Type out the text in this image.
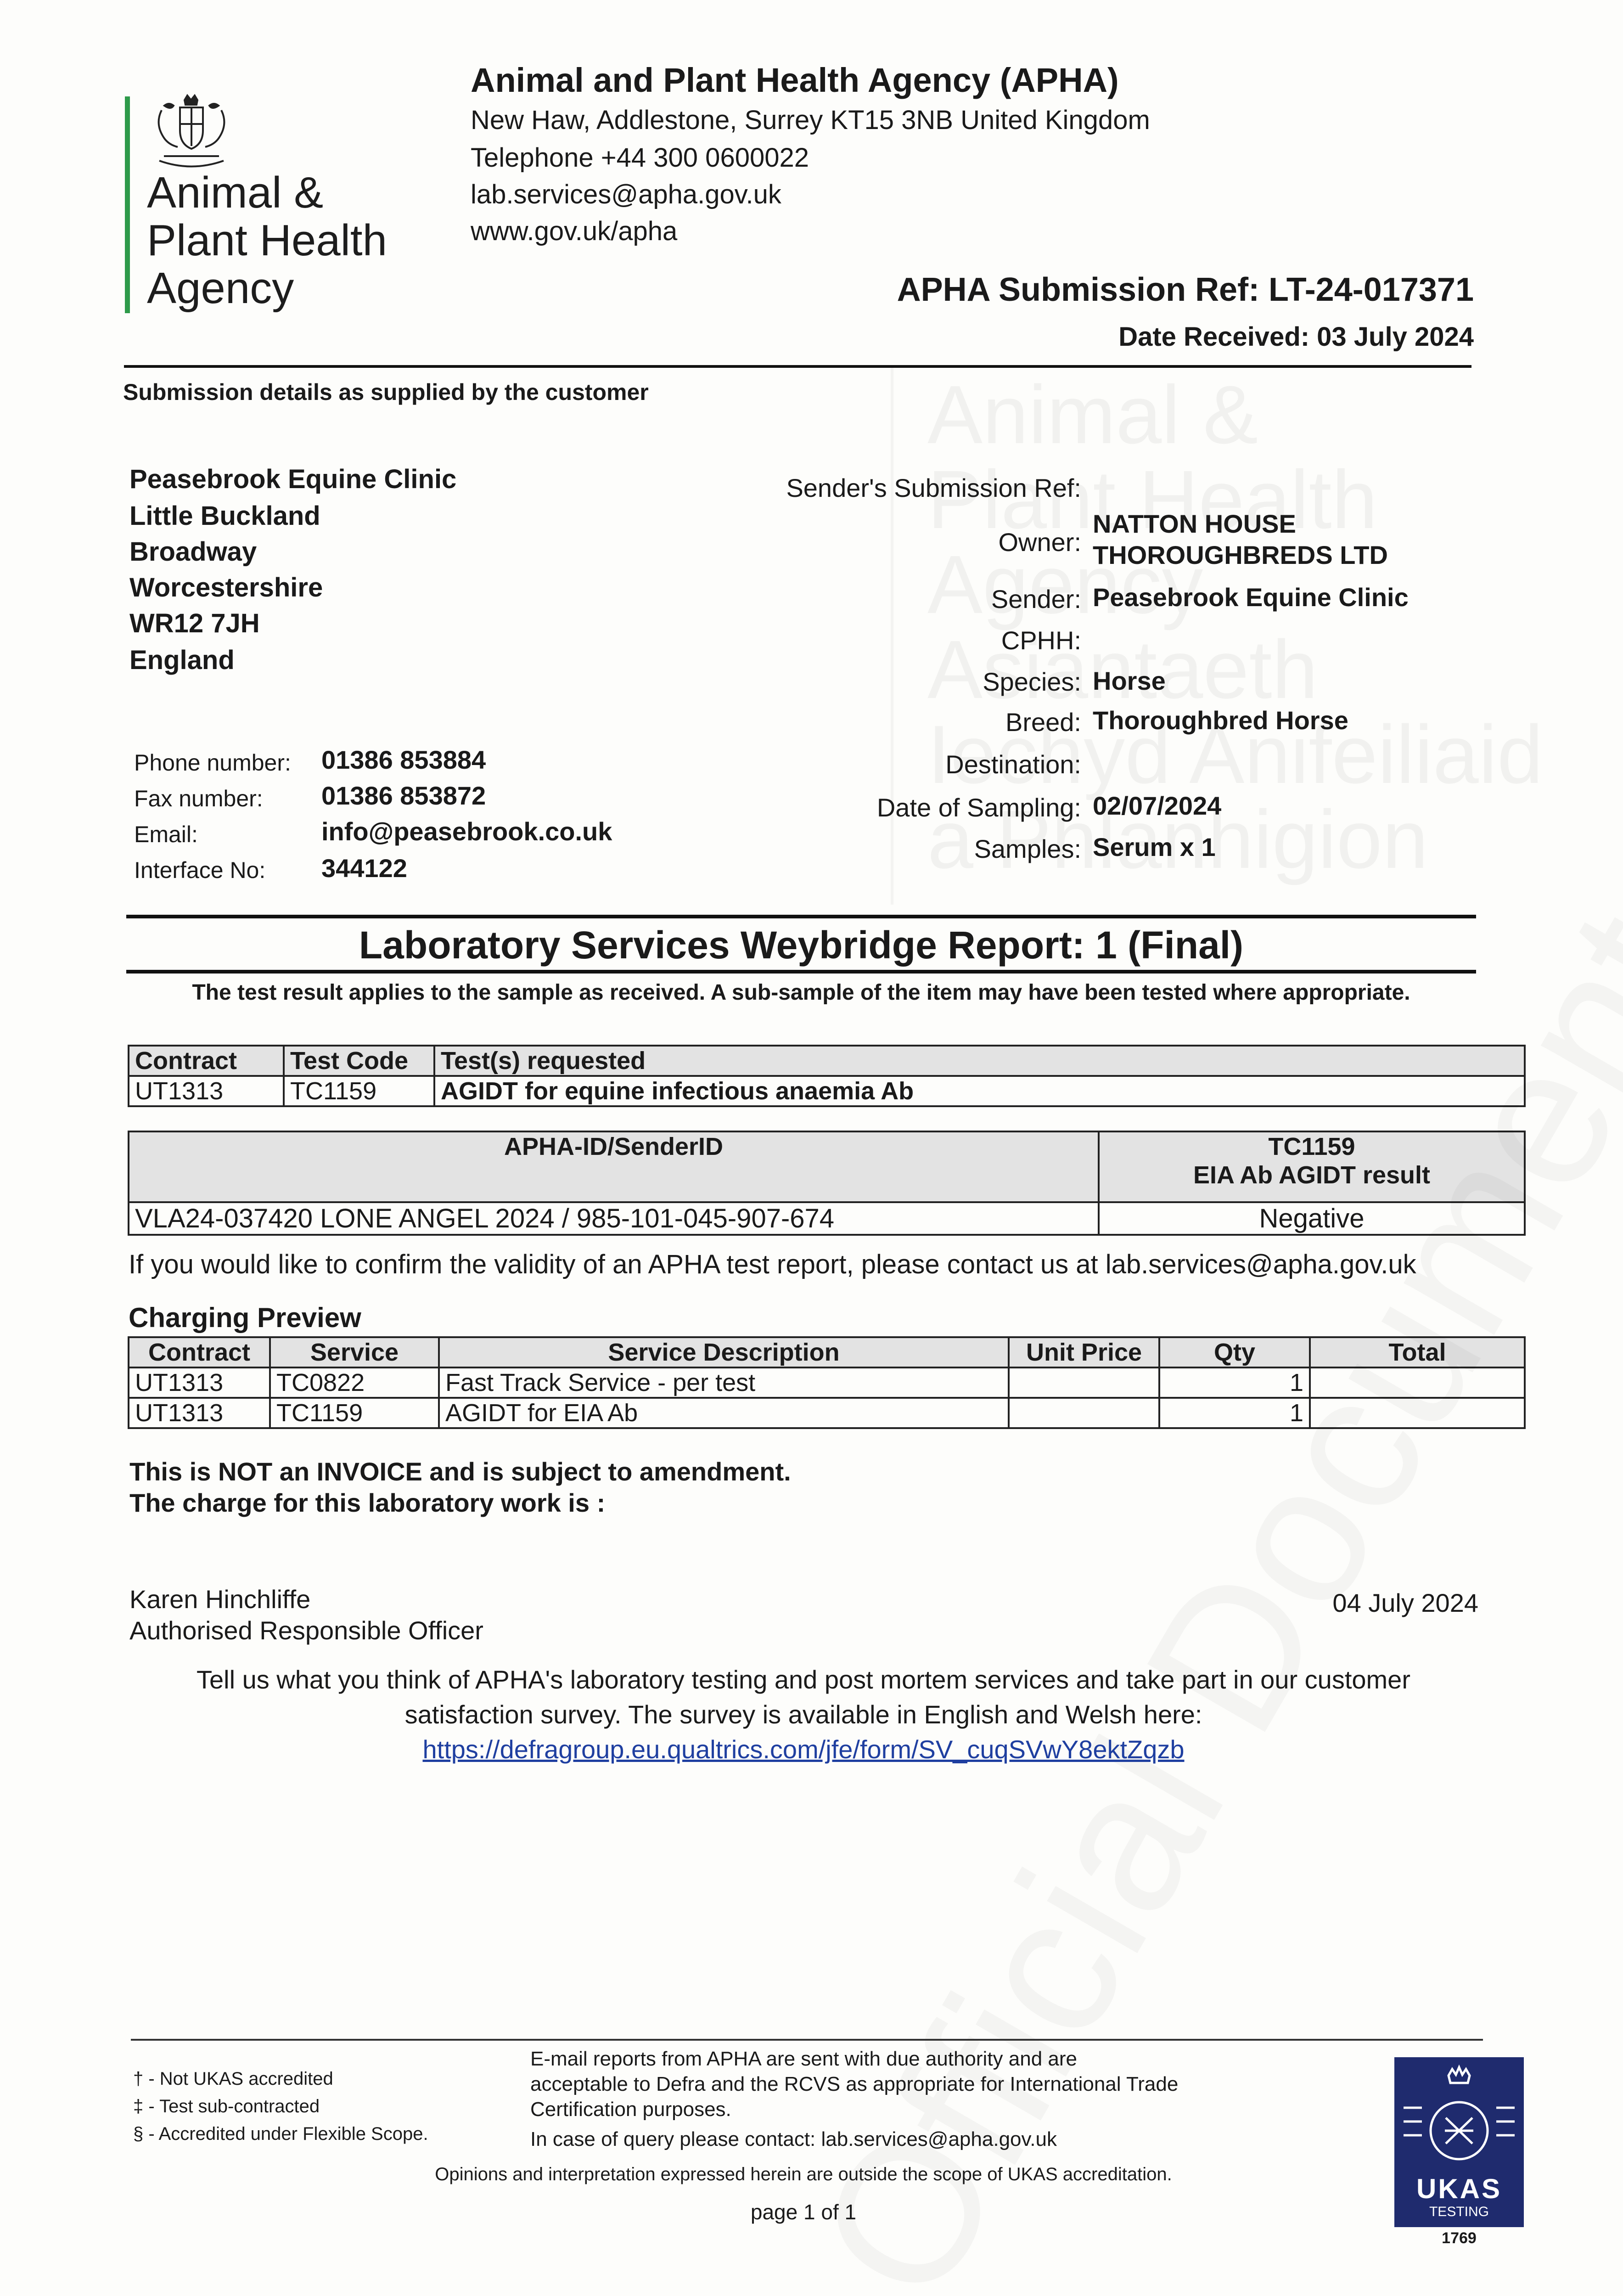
Animal &
Plant Health
Agency
Animal and Plant Health Agency (APHA)
New Haw, Addlestone, Surrey KT15 3NB United Kingdom
Telephone +44 300 0600022
lab.services@apha.gov.uk
www.gov.uk/apha
APHA Submission Ref: LT-24-017371
Date Received: 03 July 2024
Submission details as supplied by the customer
Peasebrook Equine Clinic
Little Buckland
Broadway
Worcestershire
WR12 7JH
England
Phone number: 01386 853884
Fax number: 01386 853872
Email:	info@peasebrook.co.uk
Interface No: 344122
Sender's Submission Ref:
Owner:
NATTON HOUSE
THOROUGHBREDS LTD
Sender: Peasebrook Equine Clinic
CPHH:
Species: Horse
Breed: Thoroughbred Horse
Destination:
Date of Sampling: 02/07/2024
Samples: Serum x 1
Laboratory Services Weybridge Report: 1 (Final)
The test result applies to the sample as received. A sub-sample of the item may have been tested where appropriate.
Contract	Test Code	Test(s) requested
UT1313	TC1159	AGIDT for equine infectious anaemia Ab
APHA-ID/SenderID	TC1159
EIA Ab AGIDT result

VLA24-037420 LONE ANGEL 2024 / 985-101-045-907-674	Negative
If you would like to confirm the validity of an APHA test report, please contact us at lab.services@apha.gov.uk
Charging Preview
Contract	Service	Service Description	Unit Price	Qty	Total
UT1313	TC0822	Fast Track Service - per test		1	
UT1313	TC1159	AGIDT for EIA Ab		1	
This is NOT an INVOICE and is subject to amendment.
The charge for this laboratory work is :
Karen Hinchliffe
Authorised Responsible Officer
04 July 2024
Tell us what you think of APHA's laboratory testing and post mortem services and take part in our customer
satisfaction survey. The survey is available in English and Welsh here:
https://defragroup.eu.qualtrics.com/jfe/form/SV_cuqSVwY8ektZqzb
† - Not UKAS accredited
‡ - Test sub-contracted
§ - Accredited under Flexible Scope.
E-mail reports from APHA are sent with due authority and are
acceptable to Defra and the RCVS as appropriate for International Trade
Certification purposes.
In case of query please contact: lab.services@apha.gov.uk
Opinions and interpretation expressed herein are outside the scope of UKAS accreditation.
page 1 of 1
UKAS
TESTING
1769
